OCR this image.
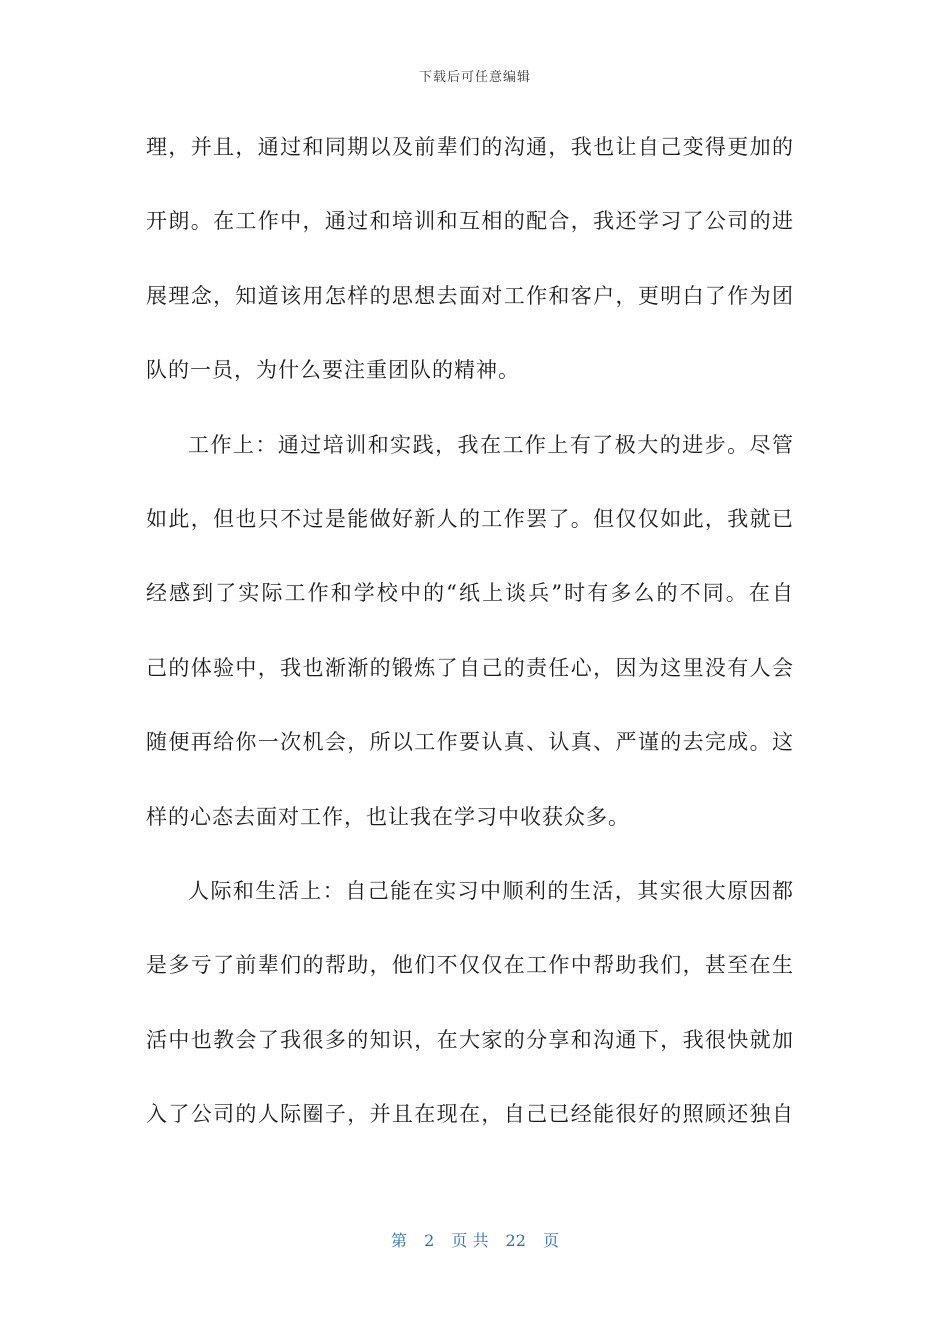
下载后可任意编辑
理，并且，通过和同期以及前辈们的沟通，我也让自己变得更加的
开朗。在工作中，通过和培训和互相的配合，我还学习了公司的进
展理念，知道该用怎样的思想去面对工作和客户，更明白了作为团
队的一员，为什么要注重团队的精神。
工作上：通过培训和实践，我在工作上有了极大的进步。尽管
如此，但也只不过是能做好新人的工作罢了。但仅仅如此，我就已
经感到了实际工作和学校中的“纸上谈兵”时有多么的不同。在自
己的体验中，我也渐渐的锻炼了自己的责任心，因为这里没有人会
随便再给你一次机会，所以工作要认真、认真、严谨的去完成。这
样的心态去面对工作，也让我在学习中收获众多。
人际和生活上：自己能在实习中顺利的生活，其实很大原因都
是多亏了前辈们的帮助，他们不仅仅在工作中帮助我们，甚至在生
活中也教会了我很多的知识，在大家的分享和沟通下，我很快就加
入了公司的人际圈子，并且在现在，自己已经能很好的照顾还独自
第 2 页 共 22 页
